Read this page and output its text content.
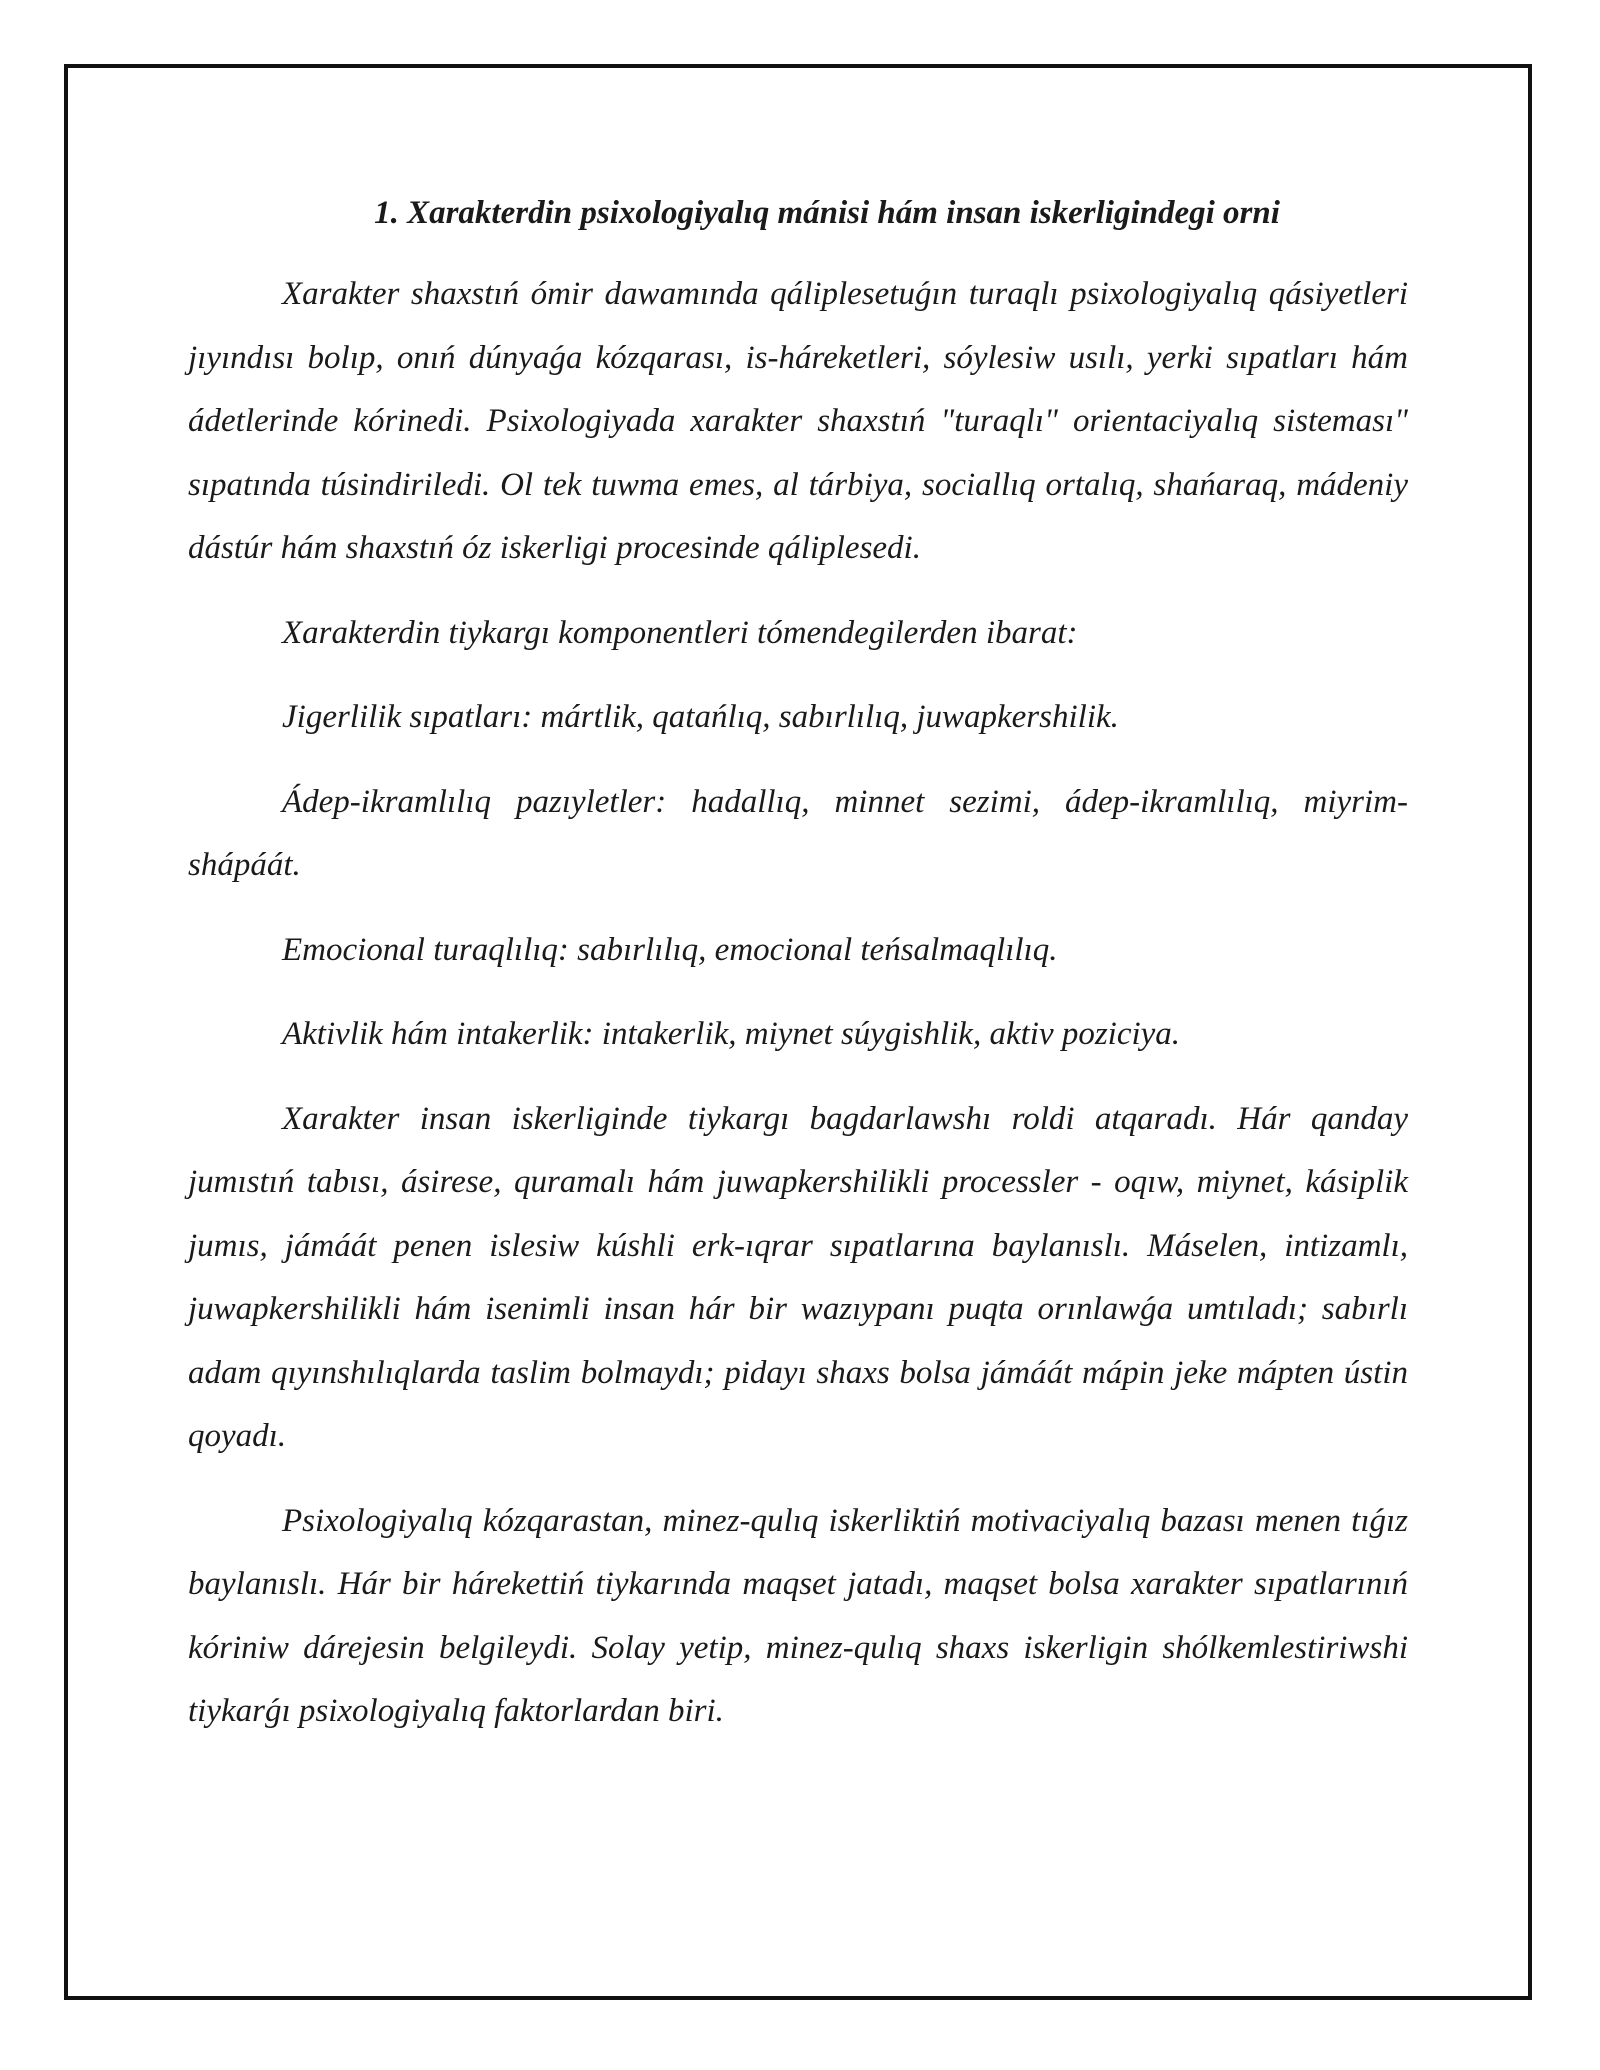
1. Xarakterdin psixologiyalıq mánisi hám insan iskerligindegi orni

Xarakter shaxstıń ómir dawamında qáliplesetuǵın turaqlı psixologiyalıq qásiyetleri jıyındısı bolıp, onıń dúnyaǵa kózqarası, is-háreketleri, sóylesiw usılı, yerki sıpatları hám ádetlerinde kórinedi. Psixologiyada xarakter shaxstıń "turaqlı" orientaciyalıq sisteması" sıpatında túsindiriledi. Ol tek tuwma emes, al tárbiya, sociallıq ortalıq, shańaraq, mádeniy dástúr hám shaxstıń óz iskerligi procesinde qáliplesedi.

Xarakterdin tiykargı komponentleri tómendegilerden ibarat:

Jigerlilik sıpatları: mártlik, qatańlıq, sabırlılıq, juwapkershilik.

Ádep-ikramlılıq pazıyletler: hadallıq, minnet sezimi, ádep-ikramlılıq, miyrim-shápáát.

Emocional turaqlılıq: sabırlılıq, emocional teńsalmaqlılıq.

Aktivlik hám intakerlik: intakerlik, miynet súygishlik, aktiv poziciya.

Xarakter insan iskerliginde tiykargı bagdarlawshı roldi atqaradı. Hár qanday jumıstıń tabısı, ásirese, quramalı hám juwapkershilikli processler - oqıw, miynet, kásiplik jumıs, jámáát penen islesiw kúshli erk-ıqrar sıpatlarına baylanıslı. Máselen, intizamlı, juwapkershilikli hám isenimli insan hár bir wazıypanı puqta orınlawǵa umtıladı; sabırlı adam qıyınshılıqlarda taslim bolmaydı; pidayı shaxs bolsa jámáát mápin jeke mápten ústin qoyadı.

Psixologiyalıq kózqarastan, minez-qulıq iskerliktiń motivaciyalıq bazası menen tıǵız baylanıslı. Hár bir hárekettiń tiykarında maqset jatadı, maqset bolsa xarakter sıpatlarınıń kóriniw dárejesin belgileydi. Solay yetip, minez-qulıq shaxs iskerligin shólkemlestiriwshi tiykarǵı psixologiyalıq faktorlardan biri.
